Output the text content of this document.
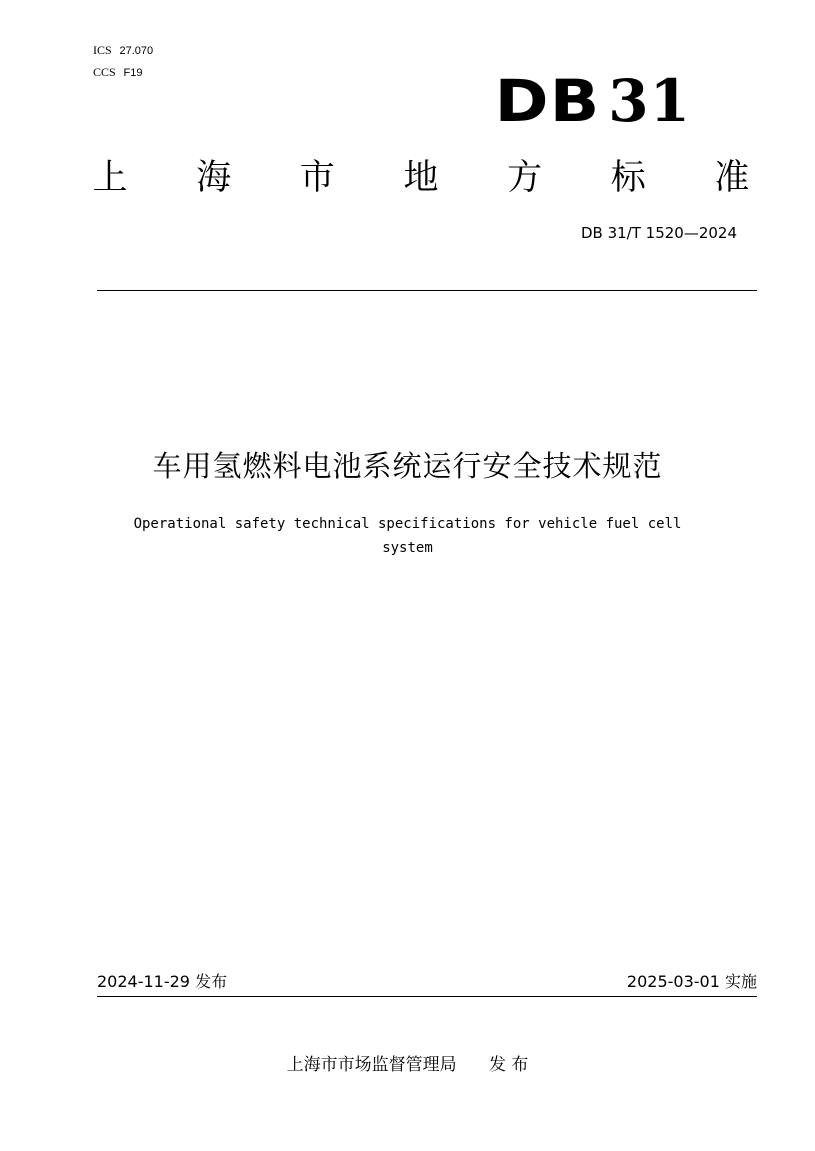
ICS 27.070
CCS F19	DB 31
上 海 市 地 方 标 准
DB 31/T 1520—2024
车用氢燃料电池系统运行安全技术规范
Operational safety technical specifications for vehicle fuel cell
system
2024-11-29 发布	2025-03-01 实施
上海市市场监督管理局 发 布
